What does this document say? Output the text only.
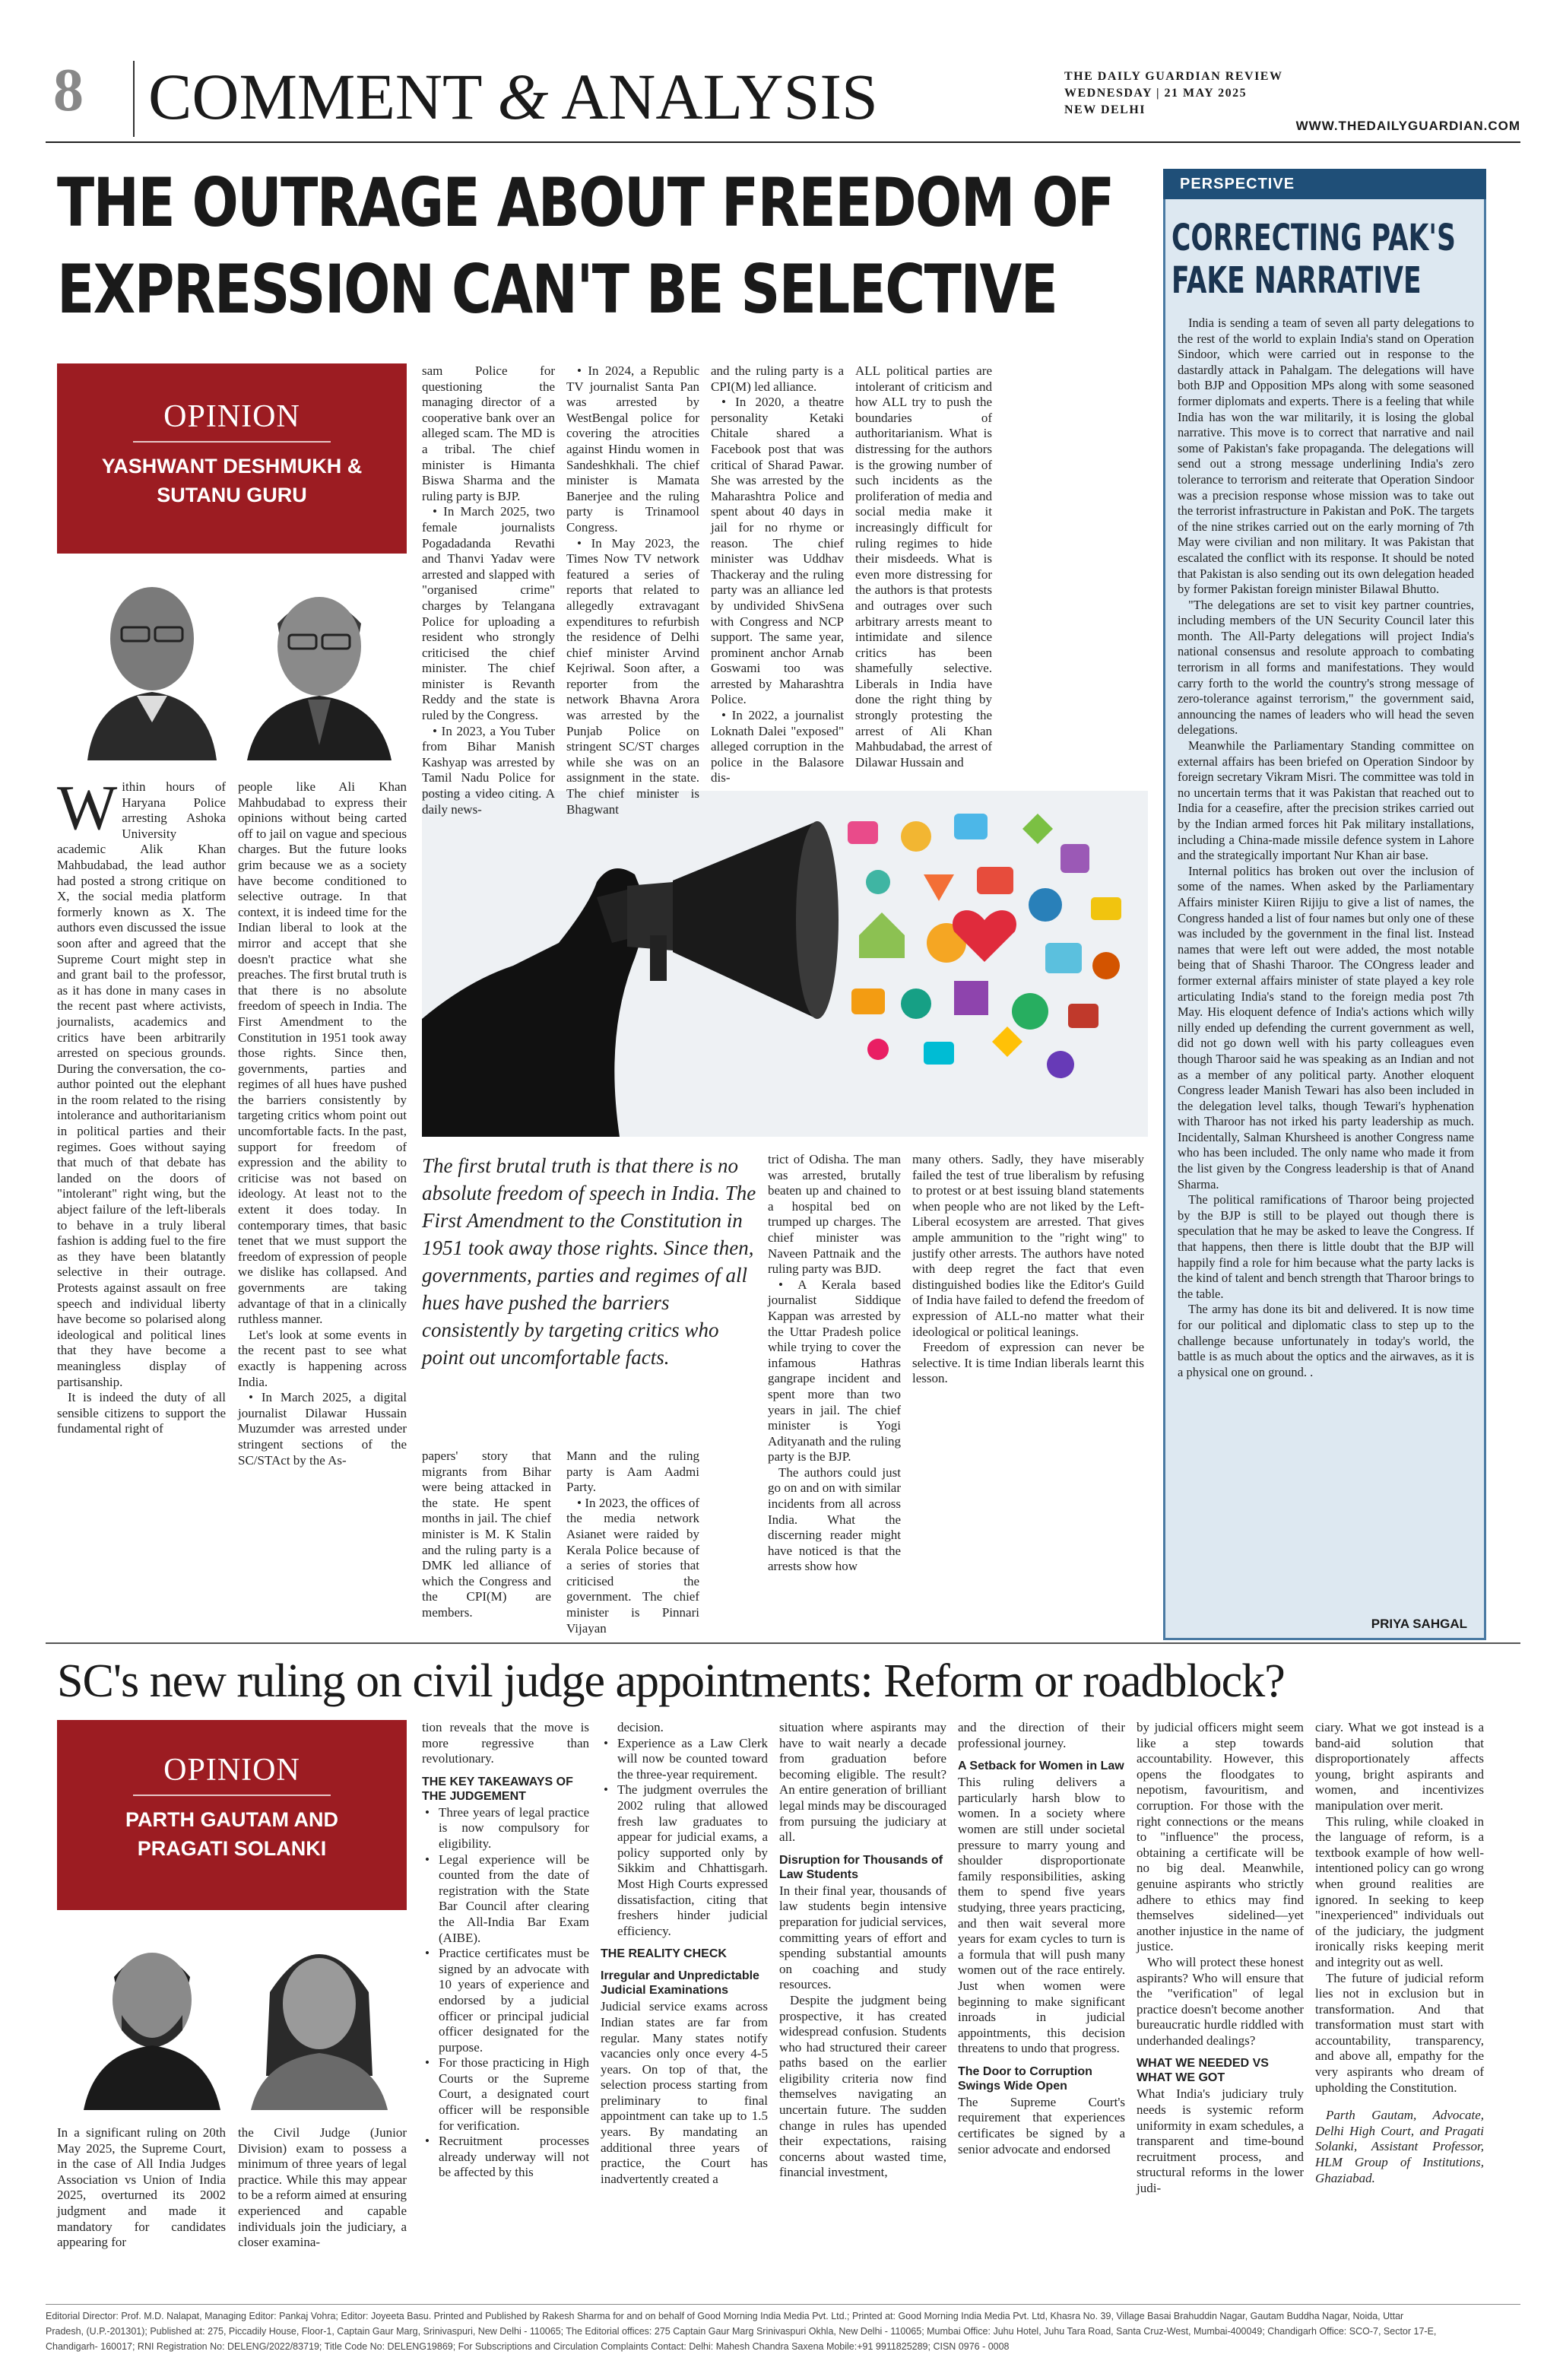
8 COMMENT & ANALYSIS	THE DAILY GUARDIAN REVIEW
WEDNESDAY | 21 MAY 2025
NEW DELHI
WWW.THEDAILYGUARDIAN.COM
THE OUTRAGE ABOUT FREEDOM OF
EXPRESSION CAN'T BE SELECTIVE
OPINION
YASHWANT DESHMUKH &
SUTANU GURU
The first brutal truth is that there is no absolute freedom of speech in India. The First Amendment to the Constitution in 1951 took away those rights. Since then, governments, parties and regimes of all hues have pushed the barriers consistently by targeting critics who point out uncomfortable facts.

Within hours of Haryana Police arresting Ashoka University academic Alik Khan Mahbudabad, the lead author had posted a strong critique on X, the social media platform formerly known as X. The authors even discussed the issue soon after and agreed that the Supreme Court might step in and grant bail to the professor, as it has done in many cases in the recent past where activists, journalists, academics and critics have been arbitrarily arrested on specious grounds. During the conversation, the co-author pointed out the elephant in the room related to the rising intolerance and authoritarianism in political parties and their regimes. Goes without saying that much of that debate has landed on the doors of "intolerant" right wing, but the abject failure of the left-liberals to behave in a truly liberal fashion is adding fuel to the fire as they have been blatantly selective in their outrage. Protests against assault on free speech and individual liberty have become so polarised along ideological and political lines that they have become a meaningless display of partisanship.

It is indeed the duty of all sensible citizens to support the fundamental right of

people like Ali Khan Mahbudabad to express their opinions without being carted off to jail on vague and specious charges. But the future looks grim because we as a society have become conditioned to selective outrage. In that context, it is indeed time for the Indian liberal to look at the mirror and accept that she doesn't practice what she preaches. The first brutal truth is that there is no absolute freedom of speech in India. The First Amendment to the Constitution in 1951 took away those rights. Since then, governments, parties and regimes of all hues have pushed the barriers consistently by targeting critics whom point out uncomfortable facts. In the past, support for freedom of expression and the ability to criticise was not based on ideology. At least not to the extent it does today. In contemporary times, that basic tenet that we must support the freedom of expression of people we dislike has collapsed. And governments are taking advantage of that in a clinically ruthless manner.

Let's look at some events in the recent past to see what exactly is happening across India.

• In March 2025, a digital journalist Dilawar Hussain Muzumder was arrested under stringent sections of the SC/STAct by the As-

sam Police for questioning the managing director of a cooperative bank over an alleged scam. The MD is a tribal. The chief minister is Himanta Biswa Sharma and the ruling party is BJP.

• In March 2025, two female journalists Pogadadanda Revathi and Thanvi Yadav were arrested and slapped with "organised crime" charges by Telangana Police for uploading a resident who strongly criticised the chief minister. The chief minister is Revanth Reddy and the state is ruled by the Congress.

• In 2023, a You Tuber from Bihar Manish Kashyap was arrested by Tamil Nadu Police for posting a video citing. A daily news-

• In 2024, a Republic TV journalist Santa Pan was arrested by WestBengal police for covering the atrocities against Hindu women in Sandeshkhali. The chief minister is Mamata Banerjee and the ruling party is Trinamool Congress.

• In May 2023, the Times Now TV network featured a series of reports that related to allegedly extravagant expenditures to refurbish the residence of Delhi chief minister Arvind Kejriwal. Soon after, a reporter from the network Bhavna Arora was arrested by the Punjab Police on stringent SC/ST charges while she was on an assignment in the state. The chief minister is Bhagwant

and the ruling party is a CPI(M) led alliance.

• In 2020, a theatre personality Ketaki Chitale shared a Facebook post that was critical of Sharad Pawar. She was arrested by the Maharashtra Police and spent about 40 days in jail for no rhyme or reason. The chief minister was Uddhav Thackeray and the ruling party was an alliance led by undivided ShivSena with Congress and NCP support. The same year, prominent anchor Arnab Goswami too was arrested by Maharashtra Police.

• In 2022, a journalist Loknath Dalei "exposed" alleged corruption in the police in the Balasore dis-

ALL political parties are intolerant of criticism and how ALL try to push the boundaries of authoritarianism. What is distressing for the authors is the growing number of such incidents as the proliferation of media and social media make it increasingly difficult for ruling regimes to hide their misdeeds. What is even more distressing for the authors is that protests and outrages over such arbitrary arrests meant to intimidate and silence critics has been shamefully selective. Liberals in India have done the right thing by strongly protesting the arrest of Ali Khan Mahbudabad, the arrest of Dilawar Hussain and

papers' story that migrants from Bihar were being attacked in the state. He spent months in jail. The chief minister is M. K Stalin and the ruling party is a DMK led alliance of which the Congress and the CPI(M) are members.

Mann and the ruling party is Aam Aadmi Party.

• In 2023, the offices of the media network Asianet were raided by Kerala Police because of a series of stories that criticised the government. The chief minister is Pinnari Vijayan

trict of Odisha. The man was arrested, brutally beaten up and chained to a hospital bed on trumped up charges. The chief minister was Naveen Pattnaik and the ruling party was BJD.

• A Kerala based journalist Siddique Kappan was arrested by the Uttar Pradesh police while trying to cover the infamous Hathras gangrape incident and spent more than two years in jail. The chief minister is Yogi Adityanath and the ruling party is the BJP.

The authors could just go on and on with similar incidents from all across India. What the discerning reader might have noticed is that the arrests show how

many others. Sadly, they have miserably failed the test of true liberalism by refusing to protest or at best issuing bland statements when people who are not liked by the Left-Liberal ecosystem are arrested. That gives ample ammunition to the "right wing" to justify other arrests. The authors have noted with deep regret the fact that even distinguished bodies like the Editor's Guild of India have failed to defend the freedom of expression of ALL-no matter what their ideological or political leanings.

Freedom of expression can never be selective. It is time Indian liberals learnt this lesson.

PERSPECTIVE
CORRECTING PAK'S
FAKE NARRATIVE

India is sending a team of seven all party delegations to the rest of the world to explain India's stand on Operation Sindoor, which were carried out in response to the dastardly attack in Pahalgam. The delegations will have both BJP and Opposition MPs along with some seasoned former diplomats and experts. There is a feeling that while India has won the war militarily, it is losing the global narrative. This move is to correct that narrative and nail some of Pakistan's fake propaganda. The delegations will send out a strong message underlining India's zero tolerance to terrorism and reiterate that Operation Sindoor was a precision response whose mission was to take out the terrorist infrastructure in Pakistan and PoK. The targets of the nine strikes carried out on the early morning of 7th May were civilian and non military. It was Pakistan that escalated the conflict with its response. It should be noted that Pakistan is also sending out its own delegation headed by former Pakistan foreign minister Bilawal Bhutto.

"The delegations are set to visit key partner countries, including members of the UN Security Council later this month. The All-Party delegations will project India's national consensus and resolute approach to combating terrorism in all forms and manifestations. They would carry forth to the world the country's strong message of zero-tolerance against terrorism," the government said, announcing the names of leaders who will head the seven delegations.

Meanwhile the Parliamentary Standing committee on external affairs has been briefed on Operation Sindoor by foreign secretary Vikram Misri. The committee was told in no uncertain terms that it was Pakistan that reached out to India for a ceasefire, after the precision strikes carried out by the Indian armed forces hit Pak military installations, including a China-made missile defence system in Lahore and the strategically important Nur Khan air base.

Internal politics has broken out over the inclusion of some of the names. When asked by the Parliamentary Affairs minister Kiiren Rijiju to give a list of names, the Congress handed a list of four names but only one of these was included by the government in the final list. Instead names that were left out were added, the most notable being that of Shashi Tharoor. The COngress leader and former external affairs minister of state played a key role articulating India's stand to the foreign media post 7th May. His eloquent defence of India's actions which willy nilly ended up defending the current government as well, did not go down well with his party colleagues even though Tharoor said he was speaking as an Indian and not as a member of any political party. Another eloquent Congress leader Manish Tewari has also been included in the delegation level talks, though Tewari's hyphenation with Tharoor has not irked his party leadership as much. Incidentally, Salman Khursheed is another Congress name who has been included. The only name who made it from the list given by the Congress leadership is that of Anand Sharma.

The political ramifications of Tharoor being projected by the BJP is still to be played out though there is speculation that he may be asked to leave the Congress. If that happens, then there is little doubt that the BJP will happily find a role for him because what the party lacks is the kind of talent and bench strength that Tharoor brings to the table.

The army has done its bit and delivered. It is now time for our political and diplomatic class to step up to the challenge because unfortunately in today's world, the battle is as much about the optics and the airwaves, as it is a physical one on ground. .

PRIYA SAHGAL
SC's new ruling on civil judge appointments: Reform or roadblock?
OPINION
PARTH GAUTAM AND
PRAGATI SOLANKI

In a significant ruling on 20th May 2025, the Supreme Court, in the case of All India Judges Association vs Union of India 2025, overturned its 2002 judgment and made it mandatory for candidates appearing for

the Civil Judge (Junior Division) exam to possess a minimum of three years of legal practice. While this may appear to be a reform aimed at ensuring experienced and capable individuals join the judiciary, a closer examina-

tion reveals that the move is more regressive than revolutionary.

THE KEY TAKEAWAYS OF THE JUDGEMENT
• Three years of legal practice is now compulsory for eligibility.
• Legal experience will be counted from the date of registration with the State Bar Council after clearing the All-India Bar Exam (AIBE).
• Practice certificates must be signed by an advocate with 10 years of experience and endorsed by a judicial officer or principal judicial officer designated for the purpose.
• For those practicing in High Courts or the Supreme Court, a designated court officer will be responsible for verification.
• Recruitment processes already underway will not be affected by this

decision.

• Experience as a Law Clerk will now be counted toward the three-year requirement.
• The judgment overrules the 2002 ruling that allowed fresh law graduates to appear for judicial exams, a policy supported only by Sikkim and Chhattisgarh. Most High Courts expressed dissatisfaction, citing that freshers hinder judicial efficiency.
THE REALITY CHECK
Irregular and Unpredictable Judicial Examinations

Judicial service exams across Indian states are far from regular. Many states notify vacancies only once every 4-5 years. On top of that, the selection process starting from preliminary to final appointment can take up to 1.5 years. By mandating an additional three years of practice, the Court has inadvertently created a

situation where aspirants may have to wait nearly a decade from graduation before becoming eligible. The result? An entire generation of brilliant legal minds may be discouraged from pursuing the judiciary at all.

Disruption for Thousands of Law Students

In their final year, thousands of law students begin intensive preparation for judicial services, committing years of effort and spending substantial amounts on coaching and study resources.

Despite the judgment being prospective, it has created widespread confusion. Students who had structured their career paths based on the earlier eligibility criteria now find themselves navigating an uncertain future. The sudden change in rules has upended their expectations, raising concerns about wasted time, financial investment,

and the direction of their professional journey.

A Setback for Women in Law

This ruling delivers a particularly harsh blow to women. In a society where women are still under societal pressure to marry young and shoulder disproportionate family responsibilities, asking them to spend five years studying, three years practicing, and then wait several more years for exam cycles to turn is a formula that will push many women out of the race entirely. Just when women were beginning to make significant inroads in judicial appointments, this decision threatens to undo that progress.

The Door to Corruption Swings Wide Open

The Supreme Court's requirement that experiences certificates be signed by a senior advocate and endorsed

by judicial officers might seem like a step towards accountability. However, this opens the floodgates to nepotism, favouritism, and corruption. For those with the right connections or the means to "influence" the process, obtaining a certificate will be no big deal. Meanwhile, genuine aspirants who strictly adhere to ethics may find themselves sidelined—yet another injustice in the name of justice.

Who will protect these honest aspirants? Who will ensure that the "verification" of legal practice doesn't become another bureaucratic hurdle riddled with underhanded dealings?

WHAT WE NEEDED VS WHAT WE GOT

What India's judiciary truly needs is systemic reform uniformity in exam schedules, a transparent and time-bound recruitment process, and structural reforms in the lower judi-

ciary. What we got instead is a band-aid solution that disproportionately affects young, bright aspirants and women, and incentivizes manipulation over merit.

This ruling, while cloaked in the language of reform, is a textbook example of how well-intentioned policy can go wrong when ground realities are ignored. In seeking to keep "inexperienced" individuals out of the judiciary, the judgment ironically risks keeping merit and integrity out as well.

The future of judicial reform lies not in exclusion but in transformation. And that transformation must start with accountability, transparency, and above all, empathy for the very aspirants who dream of upholding the Constitution.

Parth Gautam, Advocate, Delhi High Court, and Pragati Solanki, Assistant Professor, HLM Group of Institutions, Ghaziabad.

Editorial Director: Prof. M.D. Nalapat, Managing Editor: Pankaj Vohra; Editor: Joyeeta Basu. Printed and Published by Rakesh Sharma for and on behalf of Good Morning India Media Pvt. Ltd.; Printed at: Good Morning India Media Pvt. Ltd, Khasra No. 39, Village Basai Brahuddin Nagar, Gautam Buddha Nagar, Noida, Uttar
Pradesh, (U.P.-201301); Published at: 275, Piccadily House, Floor-1, Captain Gaur Marg, Srinivaspuri, New Delhi - 110065; The Editorial offices: 275 Captain Gaur Marg Srinivaspuri Okhla, New Delhi - 110065; Mumbai Office: Juhu Hotel, Juhu Tara Road, Santa Cruz-West, Mumbai-400049; Chandigarh Office: SCO-7, Sector 17-E,
Chandigarh- 160017; RNI Registration No: DELENG/2022/83719; Title Code No: DELENG19869; For Subscriptions and Circulation Complaints Contact: Delhi: Mahesh Chandra Saxena Mobile:+91 9911825289; CISN 0976 - 0008
